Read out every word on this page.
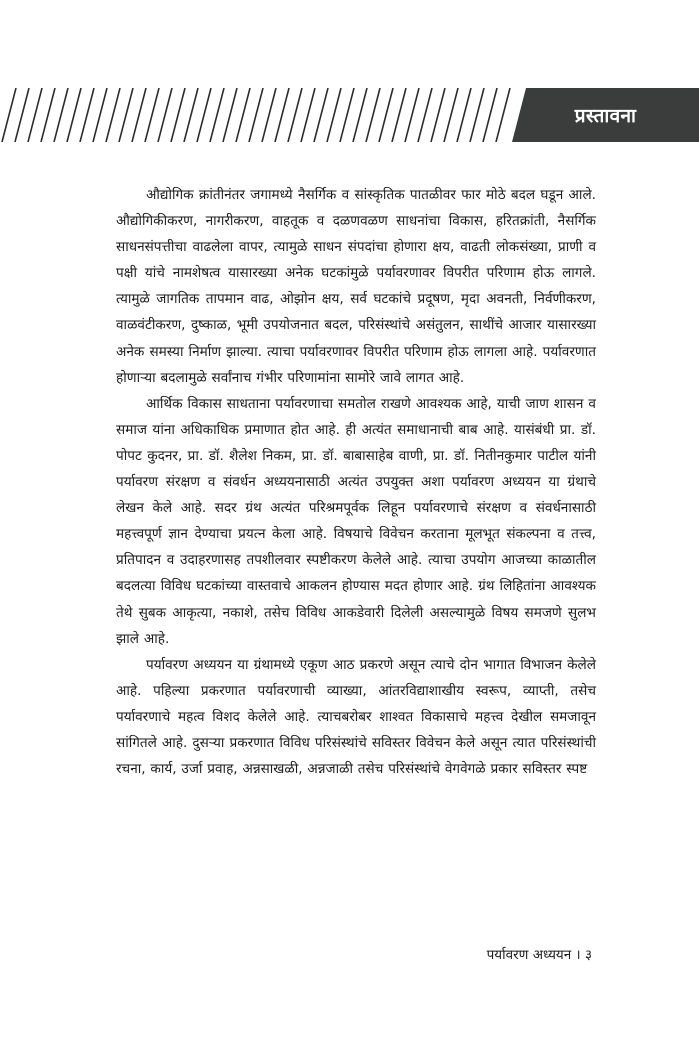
प्रस्तावना

औद्योगिक क्रांतीनंतर जगामध्ये नैसर्गिक व सांस्कृतिक पातळीवर फार मोठे बदल घडून आले. औद्योगिकीकरण, नागरीकरण, वाहतूक व दळणवळण साधनांचा विकास, हरितक्रांती, नैसर्गिक साधनसंपत्तीचा वाढलेला वापर, त्यामुळे साधन संपदांचा होणारा क्षय, वाढती लोकसंख्या, प्राणी व पक्षी यांचे नामशेषत्व यासारख्या अनेक घटकांमुळे पर्यावरणावर विपरीत परिणाम होऊ लागले. त्यामुळे जागतिक तापमान वाढ, ओझोन क्षय, सर्व घटकांचे प्रदूषण, मृदा अवनती, निर्वणीकरण, वाळवंटीकरण, दुष्काळ, भूमी उपयोजनात बदल, परिसंस्थांचे असंतुलन, साथींचे आजार यासारख्या अनेक समस्या निर्माण झाल्या. त्याचा पर्यावरणावर विपरीत परिणाम होऊ लागला आहे. पर्यावरणात होणाऱ्या बदलामुळे सर्वांनाच गंभीर परिणामांना सामोरे जावे लागत आहे.

आर्थिक विकास साधताना पर्यावरणाचा समतोल राखणे आवश्यक आहे, याची जाण शासन व समाज यांना अधिकाधिक प्रमाणात होत आहे. ही अत्यंत समाधानाची बाब आहे. यासंबंधी प्रा. डॉ. पोपट कुदनर, प्रा. डॉ. शैलेश निकम, प्रा. डॉ. बाबासाहेब वाणी, प्रा. डॉ. नितीनकुमार पाटील यांनी पर्यावरण संरक्षण व संवर्धन अध्ययनासाठी अत्यंत उपयुक्त अशा पर्यावरण अध्ययन या ग्रंथाचे लेखन केले आहे. सदर ग्रंथ अत्यंत परिश्रमपूर्वक लिहून पर्यावरणाचे संरक्षण व संवर्धनासाठी महत्त्वपूर्ण ज्ञान देण्याचा प्रयत्न केला आहे. विषयाचे विवेचन करताना मूलभूत संकल्पना व तत्त्व, प्रतिपादन व उदाहरणासह तपशीलवार स्पष्टीकरण केलेले आहे. त्याचा उपयोग आजच्या काळातील बदलत्या विविध घटकांच्या वास्तवाचे आकलन होण्यास मदत होणार आहे. ग्रंथ लिहितांना आवश्यक तेथे सुबक आकृत्या, नकाशे, तसेच विविध आकडेवारी दिलेली असल्यामुळे विषय समजणे सुलभ झाले आहे.

पर्यावरण अध्ययन या ग्रंथामध्ये एकूण आठ प्रकरणे असून त्याचे दोन भागात विभाजन केलेले आहे. पहिल्या प्रकरणात पर्यावरणाची व्याख्या, आंतरविद्याशाखीय स्वरूप, व्याप्ती, तसेच पर्यावरणाचे महत्व विशद केलेले आहे. त्याचबरोबर शाश्वत विकासाचे महत्त्व देखील समजावून सांगितले आहे. दुसऱ्या प्रकरणात विविध परिसंस्थांचे सविस्तर विवेचन केले असून त्यात परिसंस्थांची रचना, कार्य, उर्जा प्रवाह, अन्नसाखळी, अन्नजाळी तसेच परिसंस्थांचे वेगवेगळे प्रकार सविस्तर स्पष्ट

पर्यावरण अध्ययन । ३
